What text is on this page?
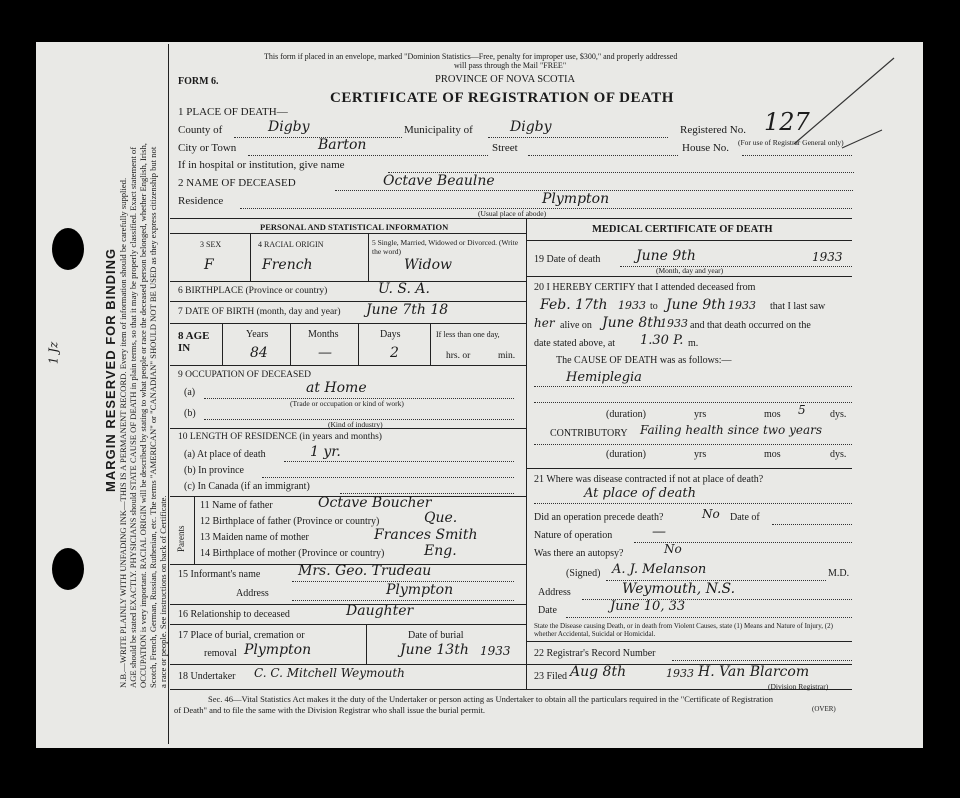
MARGIN RESERVED FOR BINDING N.B.—WRITE PLAINLY WITH UNFADING INK—THIS IS A PERMANENT RECORD. Every item of information should be carefully supplied. AGE should be stated EXACTLY. PHYSICIANS should STATE CAUSE OF DEATH in plain terms, so that it may be properly classified. Exact statement of OCCUPATION is very important. RACIAL ORIGIN will be described by stating to what people or race the deceased person belonged, whether English, Irish, Scotch, French, German, Russian, Ruthenian, etc. The terms "AMERICAN" or "CANADIAN" SHOULD NOT BE USED as they express citizenship but not a race or people. See instructions on back of Certificate.
1 Jz
This form if placed in an envelope, marked "Dominion Statistics—Free, penalty for improper use, $300," and properly addressed
will pass through the Mail "FREE"
FORM 6.	PROVINCE OF NOVA SCOTIA
CERTIFICATE OF REGISTRATION OF DEATH
1 PLACE OF DEATH—
County of	Digby	Municipality of	Digby	Registered No. 127
(For use of Registrar General only)
City or Town	Barton	Street	House No.
If in hospital or institution, give name
2 NAME OF DECEASED	Octave Beaulne
Residence	Plympton
(Usual place of abode)
PERSONAL AND STATISTICAL INFORMATION	MEDICAL CERTIFICATE OF DEATH
3 SEX	4 RACIAL ORIGIN	5 Single, Married, Widowed or Divorced. (Write the word)
F	French	Widow
6 BIRTHPLACE (Province or country)	U. S. A.
7 DATE OF BIRTH (month, day and year) June 7th 18
8 AGE IN
Years	Months	Days	If less than one day,
84	—	2	hrs. or	min.
9 OCCUPATION OF DECEASED
(a)	at Home
(Trade or occupation or kind of work)
(b)
(Kind of industry)
10 LENGTH OF RESIDENCE (in years and months)
(a) At place of death	1 yr.
(b) In province
(c) In Canada (if an immigrant)
Parents
11 Name of father	Octave Boucher
12 Birthplace of father (Province or country)	Que.
13 Maiden name of mother	Frances Smith
14 Birthplace of mother (Province or country)	Eng.
15 Informant's name	Mrs. Geo. Trudeau
Address	Plympton
16 Relationship to deceased	Daughter
17 Place of burial, cremation or	Date of burial
removal Plympton	June 13th 1933
18 Undertaker C. C. Mitchell Weymouth
19 Date of death	June 9th	1933
(Month, day and year)
20 I HEREBY CERTIFY that I attended deceased from
Feb. 17th 1933 to June 9th 1933 that I last saw
her alive on June 8th
1933 and that death occurred on the
date stated above, at 1.30 P. m.
The CAUSE OF DEATH was as follows:—
Hemiplegia
(duration)	yrs	mos 5 dys.
CONTRIBUTORY Failing health since two years
(duration)	yrs	mos	dys.
21 Where was disease contracted if not at place of death?
At place of death
Did an operation precede death?	No Date of
Nature of operation	—
Was there an autopsy?	No
(Signed) A. J. Melanson	M.D.
Address	Weymouth, N.S.
Date	June 10, 33
State the Disease causing Death, or in death from Violent Causes, state (1) Means and Nature of Injury, (2) whether Accidental, Suicidal or Homicidal.
22 Registrar's Record Number
23 Filed Aug 8th	1933 H. Van Blarcom
(Division Registrar)
Sec. 46—Vital Statistics Act makes it the duty of the Undertaker or person acting as Undertaker to obtain all the particulars required in the "Certificate of Registration
of Death" and to file the same with the Division Registrar who shall issue the burial permit.	(OVER)
